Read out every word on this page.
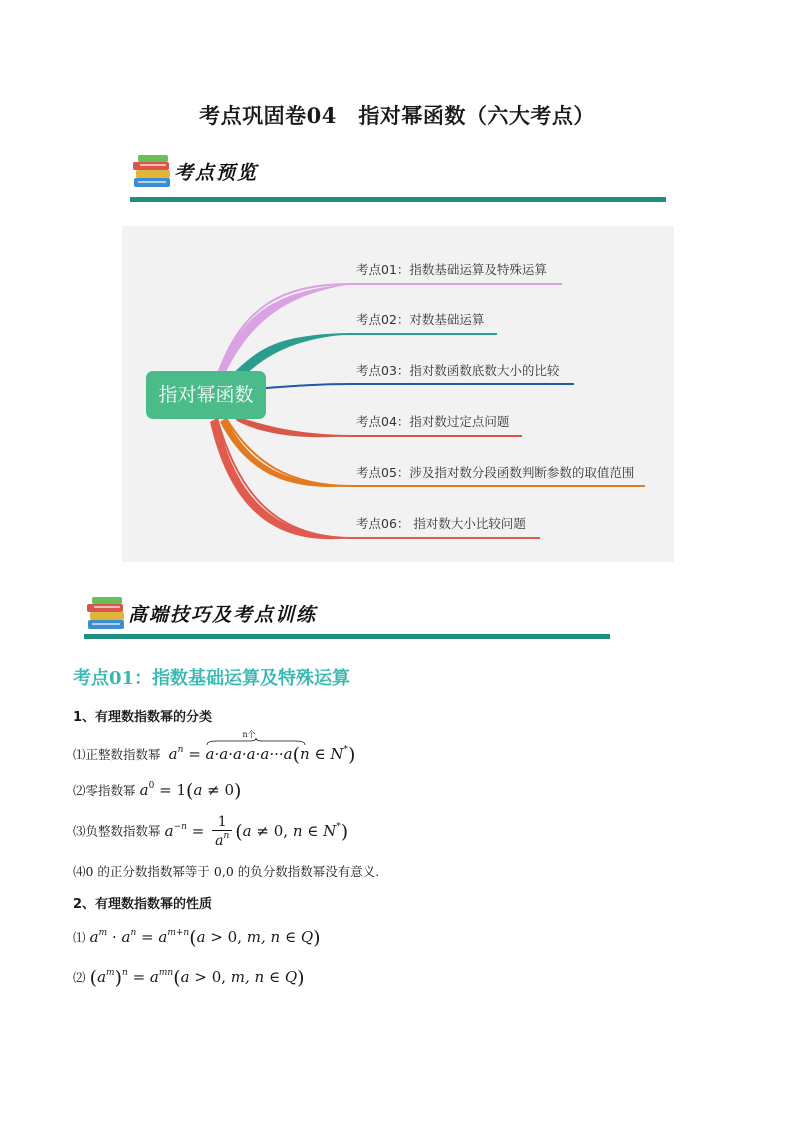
考点巩固卷04　指对幂函数（六大考点）
考点预览
指对幂函数
考点01：指数基础运算及特殊运算
考点02：对数基础运算
考点03：指对数函数底数大小的比较
考点04：指对数过定点问题
考点05：涉及指对数分段函数判断参数的取值范围
考点06： 指对数大小比较问题
高端技巧及考点训练
考点01：指数基础运算及特殊运算
1、有理数指数幂的分类
⑴正整数指数幂 $a^n$ =
n个
a·a·a·a·a···a(n ∈ N*)
⑵零指数幂 $a^0 = 1(a \ne 0)$
⑶负整数指数幂 $a^{-n} = \frac{1}{a^n} (a \ne 0$, n ∈ N*)
⑷0 的正分数指数幂等于 0,0 的负分数指数幂没有意义.
2、有理数指数幂的性质
⑴ $a^m \cdot a^n = a^{m+n}(a > 0$, m, n ∈ Q)
⑵ $(a^m)^n = a^{mn}(a > 0$, m, n ∈ Q)
